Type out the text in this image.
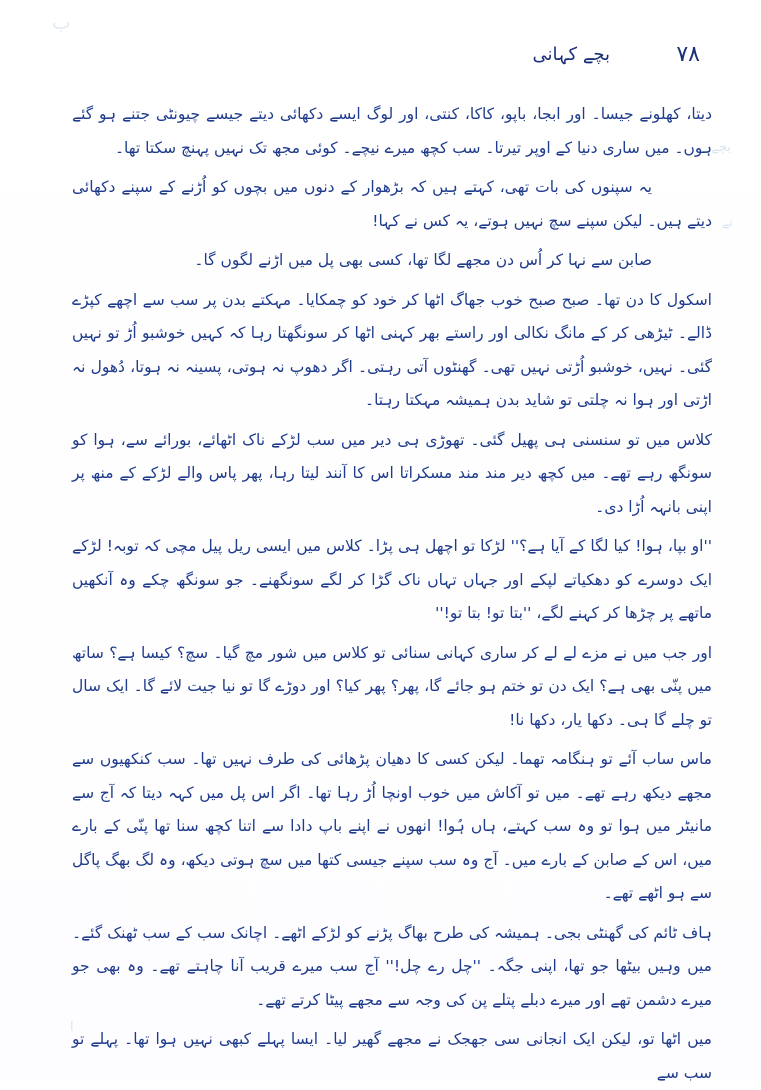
ب
بچے
نے
ا
۷۸
بچے کہانی

دیتا، کھلونے جیسا۔ اور ابجا، باپو، کاکا، کنتی، اور لوگ ایسے دکھائی دیتے جیسے چیونٹی جتنے ہو گئے ہوں۔ میں ساری دنیا کے اوپر تیرتا۔ سب کچھ میرے نیچے۔ کوئی مجھ تک نہیں پہنچ سکتا تھا۔

یہ سپنوں کی بات تھی، کہتے ہیں کہ بڑھوار کے دنوں میں بچوں کو اُڑنے کے سپنے دکھائی دیتے ہیں۔ لیکن سپنے سچ نہیں ہوتے، یہ کس نے کہا!

صابن سے نہا کر اُس دن مجھے لگا تھا، کسی بھی پل میں اڑنے لگوں گا۔

اسکول کا دن تھا۔ صبح صبح خوب جھاگ اٹھا کر خود کو چمکایا۔ مہکتے بدن پر سب سے اچھے کپڑے ڈالے۔ ٹیڑھی کر کے مانگ نکالی اور راستے بھر کہنی اٹھا کر سونگھتا رہا کہ کہیں خوشبو اُڑ تو نہیں گئی۔ نہیں، خوشبو اُڑتی نہیں تھی۔ گھنٹوں آتی رہتی۔ اگر دھوپ نہ ہوتی، پسینہ نہ ہوتا، دُھول نہ اڑتی اور ہوا نہ چلتی تو شاید بدن ہمیشہ مہکتا رہتا۔

کلاس میں تو سنسنی ہی پھیل گئی۔ تھوڑی ہی دیر میں سب لڑکے ناک اٹھائے، بورائے سے، ہوا کو سونگھ رہے تھے۔ میں کچھ دیر مند مند مسکراتا اس کا آنند لیتا رہا، پھر پاس والے لڑکے کے منھ پر اپنی بانہہ اُڑا دی۔

''او بپا، ہوا! کیا لگا کے آیا ہے؟'' لڑکا تو اچھل ہی پڑا۔ کلاس میں ایسی ریل پیل مچی کہ توبہ! لڑکے ایک دوسرے کو دھکیاتے لپکے اور جہاں تہاں ناک گڑا کر لگے سونگھنے۔ جو سونگھ چکے وہ آنکھیں ماتھے پر چڑھا کر کہنے لگے، ''بتا تو! بتا تو!''

اور جب میں نے مزے لے لے کر ساری کہانی سنائی تو کلاس میں شور مچ گیا۔ سچ؟ کیسا ہے؟ ساتھ میں پنّی بھی ہے؟ ایک دن تو ختم ہو جائے گا، پھر؟ پھر کیا؟ اور دوڑے گا تو نیا جیت لائے گا۔ ایک سال تو چلے گا ہی۔ دکھا یار، دکھا نا!

ماس ساب آئے تو ہنگامہ تھما۔ لیکن کسی کا دھیان پڑھائی کی طرف نہیں تھا۔ سب کنکھیوں سے مجھے دیکھ رہے تھے۔ میں تو آکاش میں خوب اونچا اُڑ رہا تھا۔ اگر اس پل میں کہہ دیتا کہ آج سے مانیٹر میں ہوا تو وہ سب کہتے، ہاں ہُوا! انھوں نے اپنے باپ دادا سے اتنا کچھ سنا تھا پنّی کے بارے میں، اس کے صابن کے بارے میں۔ آج وہ سب سپنے جیسی کتھا میں سچ ہوتی دیکھ، وہ لگ بھگ پاگل سے ہو اٹھے تھے۔

ہاف ٹائم کی گھنٹی بجی۔ ہمیشہ کی طرح بھاگ پڑنے کو لڑکے اٹھے۔ اچانک سب کے سب ٹھنک گئے۔ میں وہیں بیٹھا جو تھا، اپنی جگہ۔ ''چل رے چل!'' آج سب میرے قریب آنا چاہتے تھے۔ وہ بھی جو میرے دشمن تھے اور میرے دبلے پتلے پن کی وجہ سے مجھے پیٹا کرتے تھے۔

میں اٹھا تو، لیکن ایک انجانی سی جھجک نے مجھے گھیر لیا۔ ایسا پہلے کبھی نہیں ہوا تھا۔ پہلے تو سب سے
